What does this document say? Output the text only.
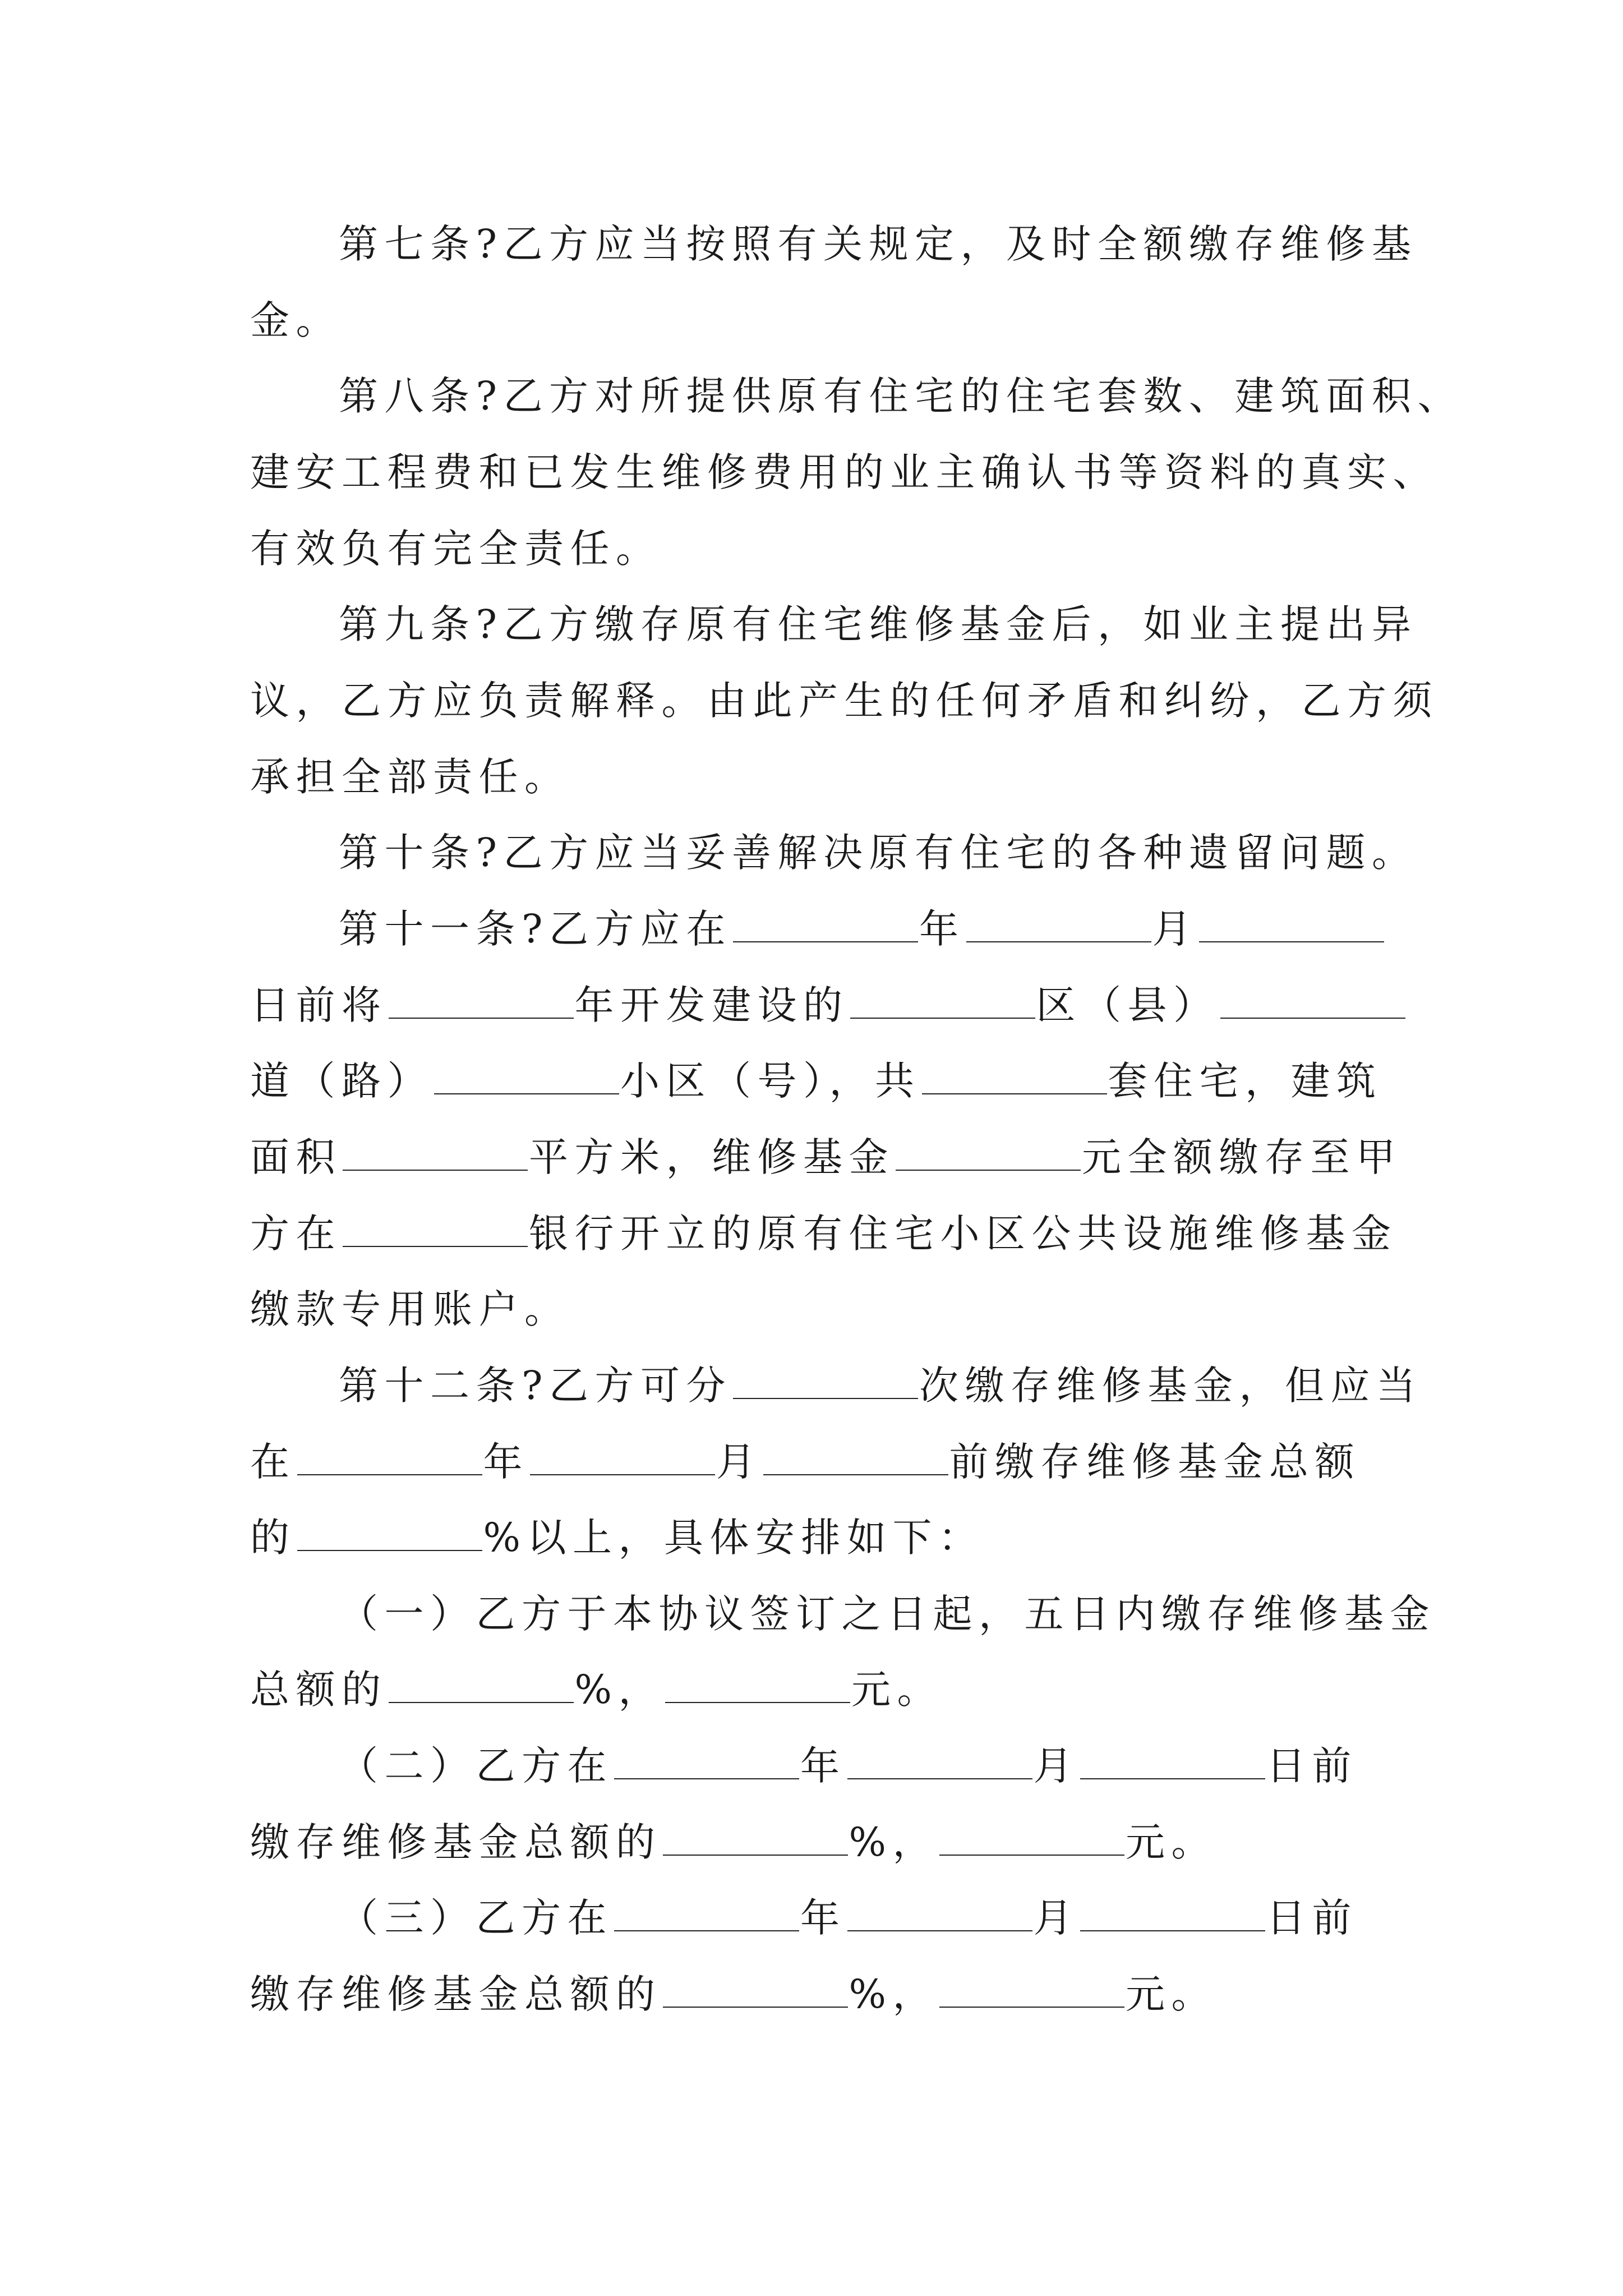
第七条?乙方应当按照有关规定，及时全额缴存维修基
金。
第八条?乙方对所提供原有住宅的住宅套数、建筑面积、
建安工程费和已发生维修费用的业主确认书等资料的真实、
有效负有完全责任。
第九条?乙方缴存原有住宅维修基金后，如业主提出异
议，乙方应负责解释。由此产生的任何矛盾和纠纷，乙方须
承担全部责任。
第十条?乙方应当妥善解决原有住宅的各种遗留问题。
第十一条?乙方应在	年	月
日前将	年开发建设的	区（县）
道（路）	小区（号），共	套住宅，建筑
面积	平方米，维修基金	元全额缴存至甲
方在	银行开立的原有住宅小区公共设施维修基金
缴款专用账户。
第十二条?乙方可分	次缴存维修基金，但应当
在	年	月	前缴存维修基金总额
的	%以上，具体安排如下：
（一）乙方于本协议签订之日起，五日内缴存维修基金
总额的	%，	元。
（二）乙方在	年	月	日前
缴存维修基金总额的	%，	元。
（三）乙方在	年	月	日前
缴存维修基金总额的	%，	元。
